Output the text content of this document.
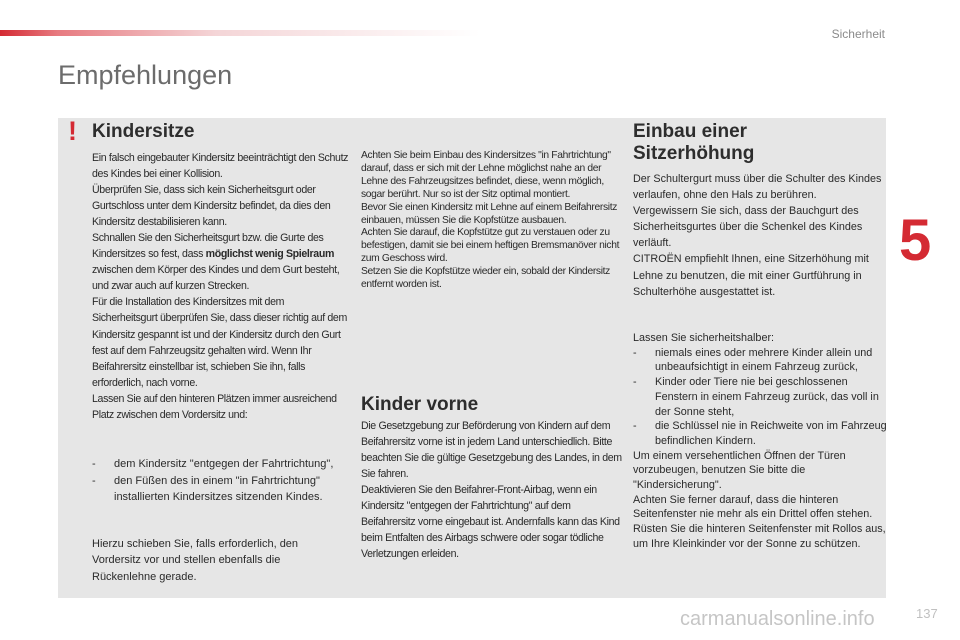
Sicherheit
Empfehlungen
5
! Kindersitze	Einbau einer Sitzerhöhung
Kinder vorne

Ein falsch eingebauter Kindersitz beeinträchtigt den Schutz des Kindes bei einer Kollision.

Überprüfen Sie, dass sich kein Sicherheitsgurt oder Gurtschloss unter dem Kindersitz befindet, da dies den Kindersitz destabilisieren kann.

Schnallen Sie den Sicherheitsgurt bzw. die Gurte des Kindersitzes so fest, dass möglichst wenig Spielraum zwischen dem Körper des Kindes und dem Gurt besteht, und zwar auch auf kurzen Strecken.

Für die Installation des Kindersitzes mit dem Sicherheitsgurt überprüfen Sie, dass dieser richtig auf dem Kindersitz gespannt ist und der Kindersitz durch den Gurt fest auf dem Fahrzeugsitz gehalten wird. Wenn Ihr Beifahrersitz einstellbar ist, schieben Sie ihn, falls erforderlich, nach vorne.

Lassen Sie auf den hinteren Plätzen immer ausreichend Platz zwischen dem Vordersitz und:

- dem Kindersitz "entgegen der Fahrtrichtung",
- den Füßen des in einem "in Fahrtrichtung" installierten Kindersitzes sitzenden Kindes.

Hierzu schieben Sie, falls erforderlich, den Vordersitz vor und stellen ebenfalls die Rückenlehne gerade.

Achten Sie beim Einbau des Kindersitzes "in Fahrtrichtung" darauf, dass er sich mit der Lehne möglichst nahe an der Lehne des Fahrzeugsitzes befindet, diese, wenn möglich, sogar berührt. Nur so ist der Sitz optimal montiert.

Bevor Sie einen Kindersitz mit Lehne auf einem Beifahrersitz einbauen, müssen Sie die Kopfstütze ausbauen.

Achten Sie darauf, die Kopfstütze gut zu verstauen oder zu befestigen, damit sie bei einem heftigen Bremsmanöver nicht zum Geschoss wird.

Setzen Sie die Kopfstütze wieder ein, sobald der Kindersitz entfernt worden ist.

Die Gesetzgebung zur Beförderung von Kindern auf dem Beifahrersitz vorne ist in jedem Land unterschiedlich. Bitte beachten Sie die gültige Gesetzgebung des Landes, in dem Sie fahren.

Deaktivieren Sie den Beifahrer-Front-Airbag, wenn ein Kindersitz "entgegen der Fahrtrichtung" auf dem Beifahrersitz vorne eingebaut ist. Andernfalls kann das Kind beim Entfalten des Airbags schwere oder sogar tödliche Verletzungen erleiden.

Der Schultergurt muss über die Schulter des Kindes verlaufen, ohne den Hals zu berühren.

Vergewissern Sie sich, dass der Bauchgurt des Sicherheitsgurtes über die Schenkel des Kindes verläuft.

CITROËN empfiehlt Ihnen, eine Sitzerhöhung mit Lehne zu benutzen, die mit einer Gurtführung in Schulterhöhe ausgestattet ist.

Lassen Sie sicherheitshalber:

- niemals eines oder mehrere Kinder allein und unbeaufsichtigt in einem Fahrzeug zurück,
- Kinder oder Tiere nie bei geschlossenen Fenstern in einem Fahrzeug zurück, das voll in der Sonne steht,
- die Schlüssel nie in Reichweite von im Fahrzeug befindlichen Kindern.

Um einem versehentlichen Öffnen der Türen vorzubeugen, benutzen Sie bitte die "Kindersicherung".

Achten Sie ferner darauf, dass die hinteren Seitenfenster nie mehr als ein Drittel offen stehen.

Rüsten Sie die hinteren Seitenfenster mit Rollos aus, um Ihre Kleinkinder vor der Sonne zu schützen.

carmanualsonline.info	137
